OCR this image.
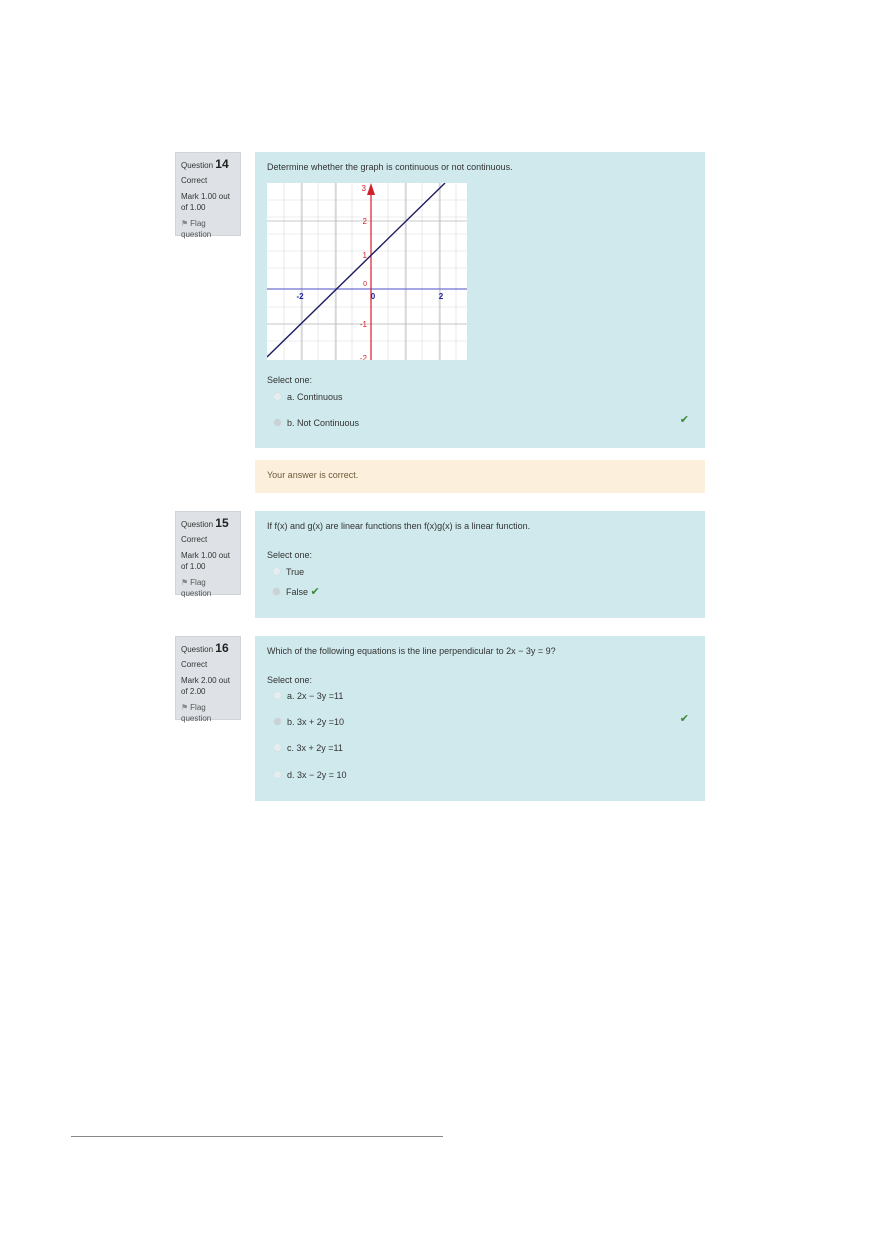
Question 14
Correct
Mark 1.00 out of 1.00
⚑ Flag question

Determine whether the graph is continuous or not continuous.

-2	0	2
3
2
1
0
-1
-2
Select one:
a. Continuous
b. Not Continuous	✔
Your answer is correct.
Question 15
Correct
Mark 1.00 out of 1.00
⚑ Flag question

If f(x) and g(x) are linear functions then f(x)g(x) is a linear function.

Select one:
True
False ✔
Question 16
Correct
Mark 2.00 out of 2.00
⚑ Flag question

Which of the following equations is the line perpendicular to 2x − 3y = 9?

Select one:
a. 2x − 3y =11
b. 3x + 2y =10
c. 3x + 2y =11
d. 3x − 2y = 10
✔
